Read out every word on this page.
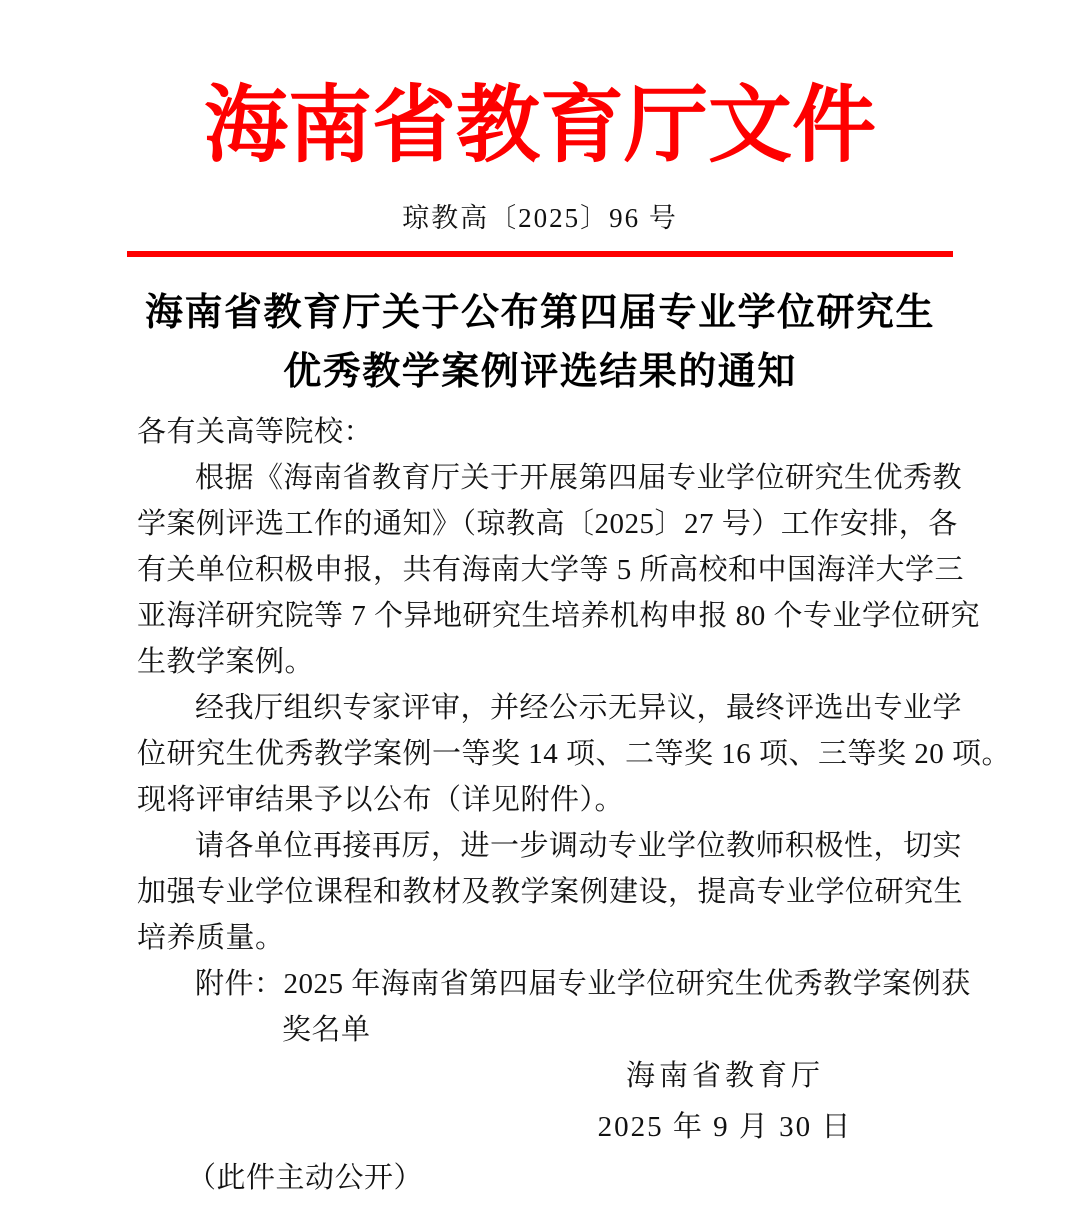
海南省教育厅文件
琼教高〔2025〕96 号
海南省教育厅关于公布第四届专业学位研究生
优秀教学案例评选结果的通知
各有关高等院校：
根据《海南省教育厅关于开展第四届专业学位研究生优秀教
学案例评选工作的通知》（琼教高〔2025〕27 号）工作安排，各
有关单位积极申报，共有海南大学等 5 所高校和中国海洋大学三
亚海洋研究院等 7 个异地研究生培养机构申报 80 个专业学位研究
生教学案例。
经我厅组织专家评审，并经公示无异议，最终评选出专业学
位研究生优秀教学案例一等奖 14 项、二等奖 16 项、三等奖 20 项。
现将评审结果予以公布（详见附件）。
请各单位再接再厉，进一步调动专业学位教师积极性，切实
加强专业学位课程和教材及教学案例建设，提高专业学位研究生
培养质量。
附件：2025 年海南省第四届专业学位研究生优秀教学案例获
奖名单
海南省教育厅
2025 年 9 月 30 日
（此件主动公开）
